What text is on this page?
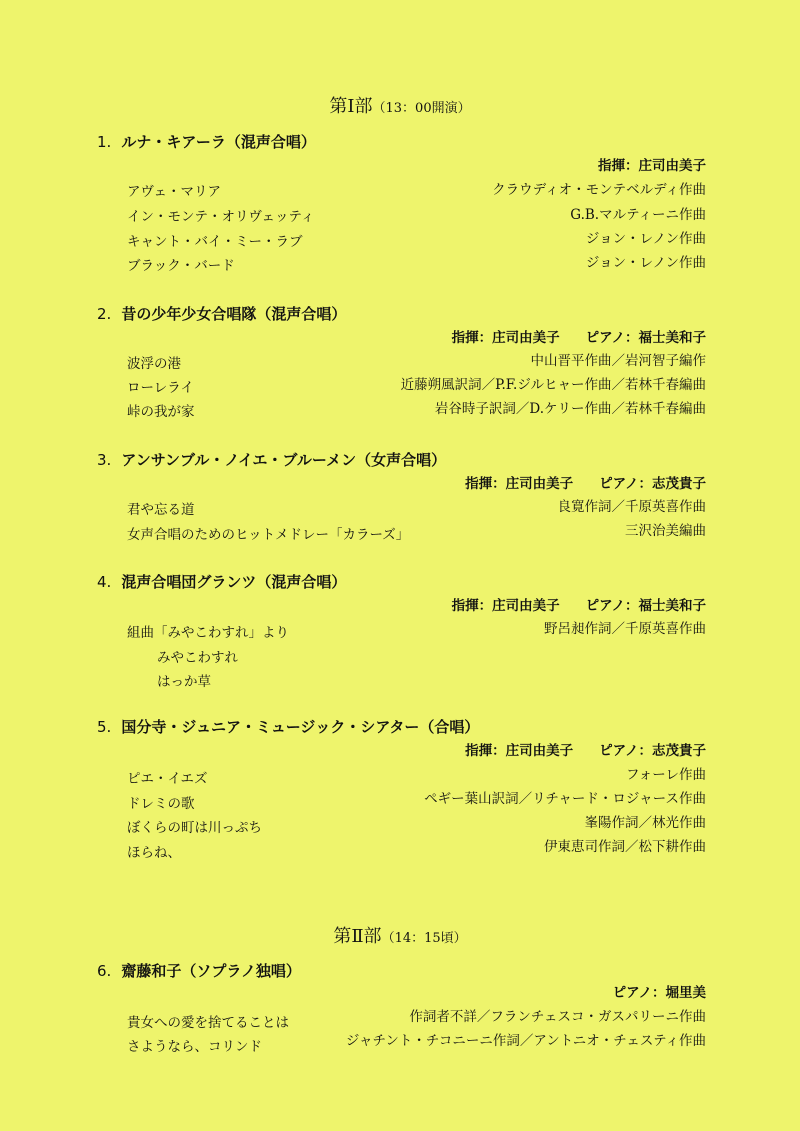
第Ⅰ部（13：00開演）
1. ルナ・キアーラ（混声合唱）
指揮：庄司由美子
アヴェ・マリア	クラウディオ・モンテベルディ作曲
イン・モンテ・オリヴェッティ	G.B.マルティーニ作曲
キャント・バイ・ミー・ラブ	ジョン・レノン作曲
ブラック・バード	ジョン・レノン作曲
2. 昔の少年少女合唱隊（混声合唱）
指揮：庄司由美子 ピアノ：福士美和子
波浮の港	中山晋平作曲／岩河智子編作
ローレライ	近藤朔風訳詞／P.F.ジルヒャー作曲／若林千春編曲
峠の我が家	岩谷時子訳詞／D.ケリー作曲／若林千春編曲
3. アンサンブル・ノイエ・ブルーメン（女声合唱）
指揮：庄司由美子 ピアノ：志茂貴子
君や忘る道	良寛作詞／千原英喜作曲
女声合唱のためのヒットメドレー「カラーズ」	三沢治美編曲
4. 混声合唱団グランツ（混声合唱）
指揮：庄司由美子 ピアノ：福士美和子
組曲「みやこわすれ」より	野呂昶作詞／千原英喜作曲
みやこわすれ
はっか草
5. 国分寺・ジュニア・ミュージック・シアター（合唱）
指揮：庄司由美子 ピアノ：志茂貴子
ピエ・イエズ	フォーレ作曲
ドレミの歌	ペギー葉山訳詞／リチャード・ロジャース作曲
ぼくらの町は川っぷち	峯陽作詞／林光作曲
ほらね、	伊東恵司作詞／松下耕作曲
第Ⅱ部（14：15頃）
6. 齋藤和子（ソプラノ独唱）
ピアノ：堀里美
貴女への愛を捨てることは	作詞者不詳／フランチェスコ・ガスパリーニ作曲
さようなら、コリンド	ジャチント・チコニーニ作詞／アントニオ・チェスティ作曲
